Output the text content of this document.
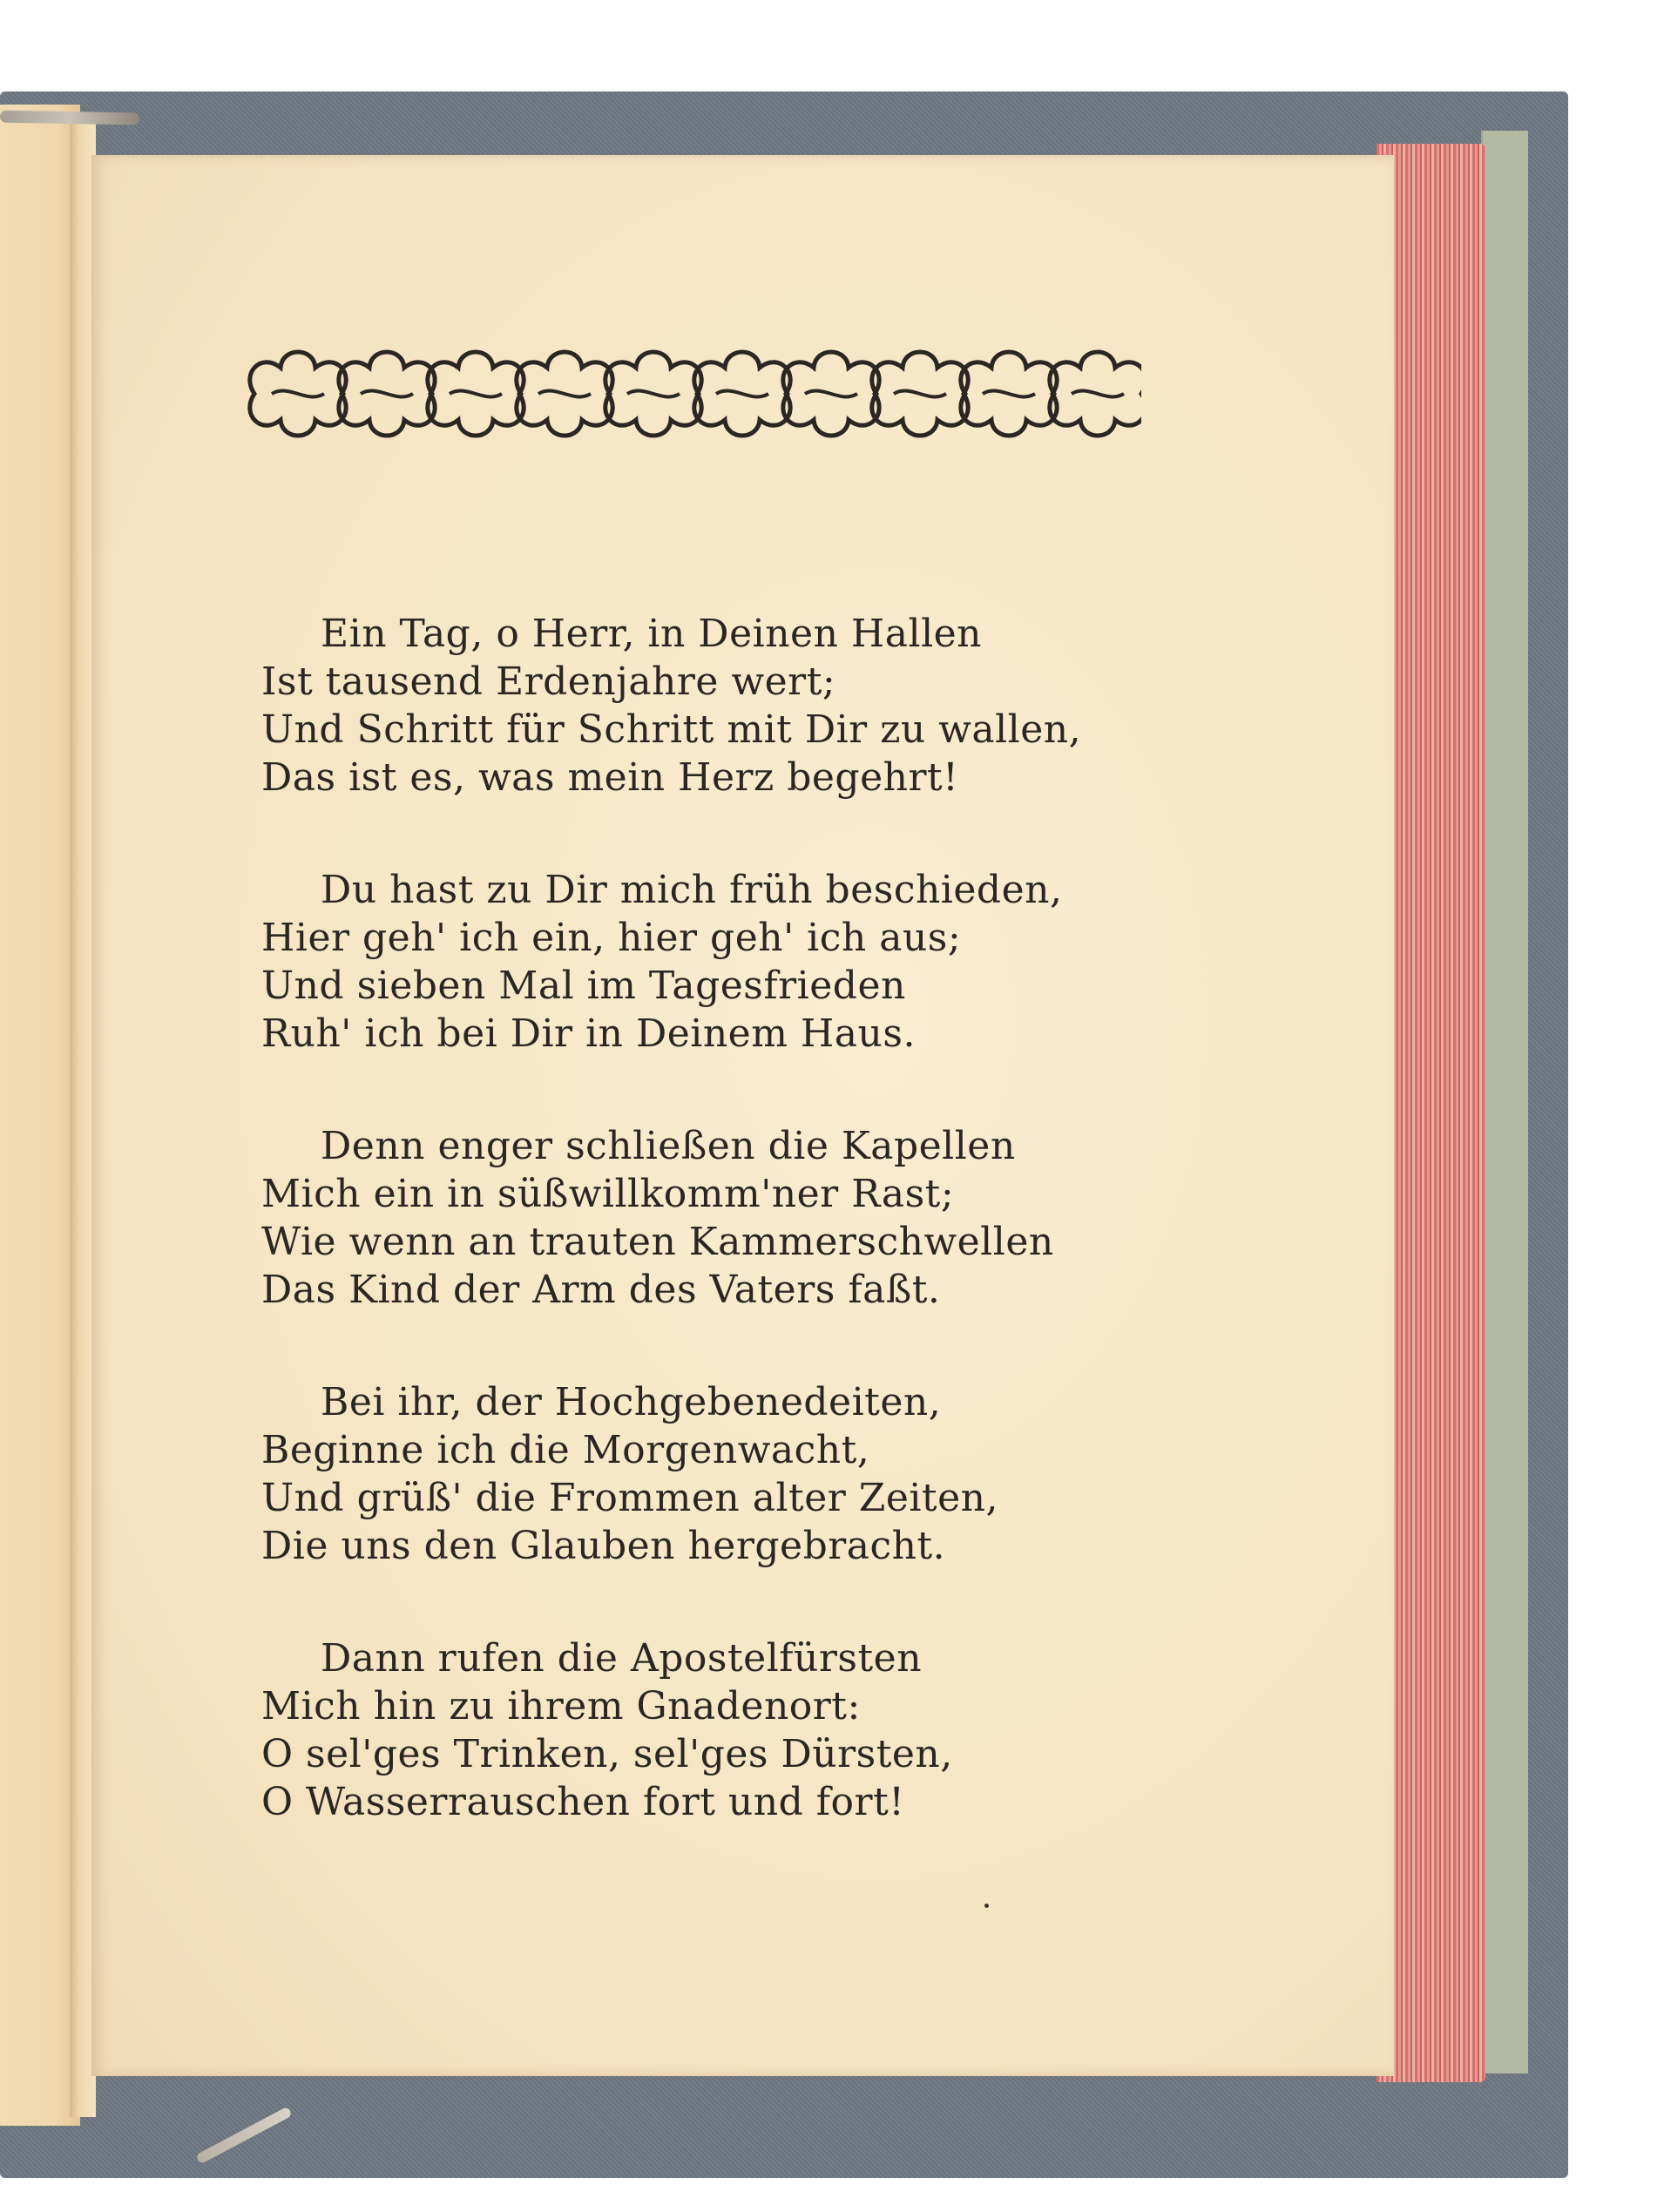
Ein Tag, o Herr, in Deinen Hallen
Ist tausend Erdenjahre wert;
Und Schritt für Schritt mit Dir zu wallen,
Das ist es, was mein Herz begehrt!
Du hast zu Dir mich früh beschieden,
Hier geh' ich ein, hier geh' ich aus;
Und sieben Mal im Tagesfrieden
Ruh' ich bei Dir in Deinem Haus.
Denn enger schließen die Kapellen
Mich ein in süßwillkomm'ner Rast;
Wie wenn an trauten Kammerschwellen
Das Kind der Arm des Vaters faßt.
Bei ihr, der Hochgebenedeiten,
Beginne ich die Morgenwacht,
Und grüß' die Frommen alter Zeiten,
Die uns den Glauben hergebracht.
Dann rufen die Apostelfürsten
Mich hin zu ihrem Gnadenort:
O sel'ges Trinken, sel'ges Dürsten,
O Wasserrauschen fort und fort!
